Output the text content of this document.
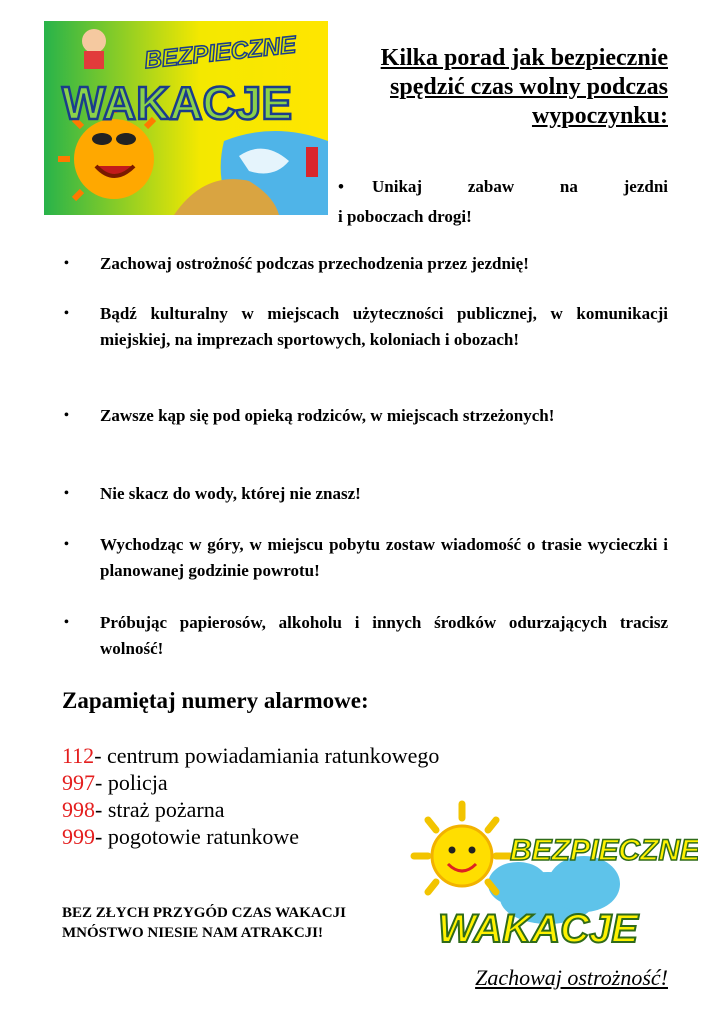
BEZPIECZNE
WAKACJE
Kilka porad jak bezpiecznie spędzić czas wolny podczas wypoczynku:
•	Unikaj zabaw na jezdni
i poboczach drogi!
•	Zachowaj ostrożność podczas przechodzenia przez jezdnię!
•	Bądź kulturalny w miejscach użyteczności publicznej, w komunikacji miejskiej, na imprezach sportowych, koloniach i obozach!
•	Zawsze kąp się pod opieką rodziców, w miejscach strzeżonych!
•	Nie skacz do wody, której nie znasz!
•	Wychodząc w góry, w miejscu pobytu zostaw wiadomość o trasie wycieczki i planowanej godzinie powrotu!
•	Próbując papierosów, alkoholu i innych środków odurzających tracisz wolność!
Zapamiętaj numery alarmowe:
112- centrum powiadamiania ratunkowego
997- policja
998- straż pożarna
999- pogotowie ratunkowe
BEZ ZŁYCH PRZYGÓD CZAS WAKACJI MNÓSTWO NIESIE NAM ATRAKCJI!
BEZPIECZNE
WAKACJE
Zachowaj ostrożność!
